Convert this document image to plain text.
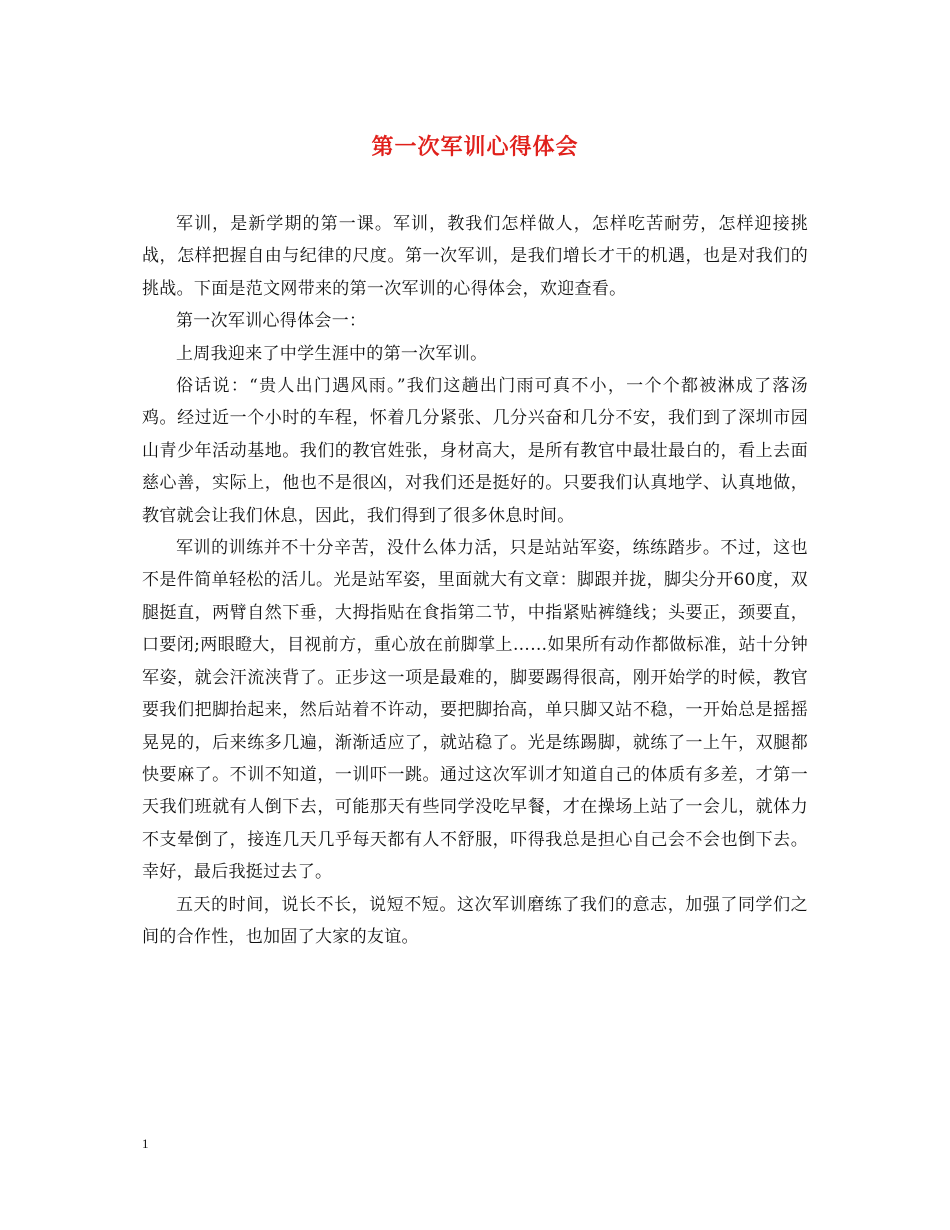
第一次军训心得体会

军训，是新学期的第一课。军训，教我们怎样做人，怎样吃苦耐劳，怎样迎接挑战，怎样把握自由与纪律的尺度。第一次军训，是我们增长才干的机遇，也是对我们的挑战。下面是范文网带来的第一次军训的心得体会，欢迎查看。

第一次军训心得体会一：

上周我迎来了中学生涯中的第一次军训。

俗话说：“贵人出门遇风雨。”我们这趟出门雨可真不小，一个个都被淋成了落汤鸡。经过近一个小时的车程，怀着几分紧张、几分兴奋和几分不安，我们到了深圳市园山青少年活动基地。我们的教官姓张，身材高大，是所有教官中最壮最白的，看上去面慈心善，实际上，他也不是很凶，对我们还是挺好的。只要我们认真地学、认真地做，教官就会让我们休息，因此，我们得到了很多休息时间。

军训的训练并不十分辛苦，没什么体力活，只是站站军姿，练练踏步。不过，这也不是件简单轻松的活儿。光是站军姿，里面就大有文章：脚跟并拢，脚尖分开60度，双腿挺直，两臂自然下垂，大拇指贴在食指第二节，中指紧贴裤缝线；头要正，颈要直，口要闭;两眼瞪大，目视前方，重心放在前脚掌上……如果所有动作都做标准，站十分钟军姿，就会汗流浃背了。正步这一项是最难的，脚要踢得很高，刚开始学的时候，教官要我们把脚抬起来，然后站着不许动，要把脚抬高，单只脚又站不稳，一开始总是摇摇晃晃的，后来练多几遍，渐渐适应了，就站稳了。光是练踢脚，就练了一上午，双腿都快要麻了。不训不知道，一训吓一跳。通过这次军训才知道自己的体质有多差，才第一天我们班就有人倒下去，可能那天有些同学没吃早餐，才在操场上站了一会儿，就体力不支晕倒了，接连几天几乎每天都有人不舒服，吓得我总是担心自己会不会也倒下去。幸好，最后我挺过去了。

五天的时间，说长不长，说短不短。这次军训磨练了我们的意志，加强了同学们之间的合作性，也加固了大家的友谊。

1
